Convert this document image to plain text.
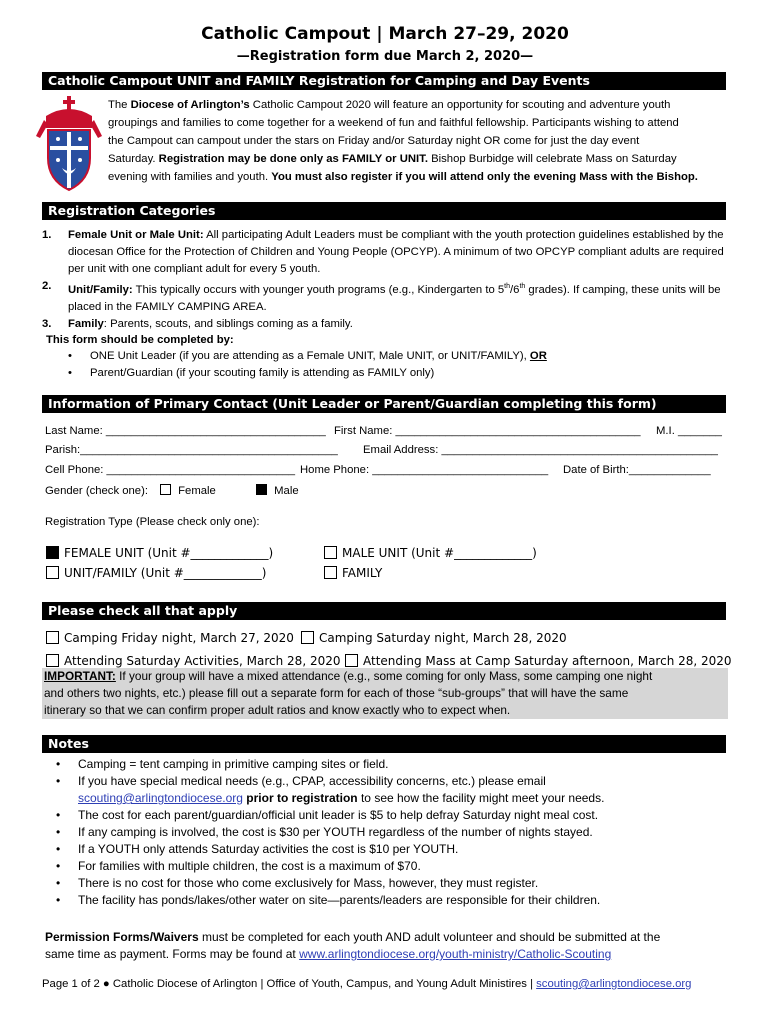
Catholic Campout | March 27–29, 2020
—Registration form due March 2, 2020—
Catholic Campout UNIT and FAMILY Registration for Camping and Day Events
The Diocese of Arlington’s Catholic Campout 2020 will feature an opportunity for scouting and adventure youth
groupings and families to come together for a weekend of fun and faithful fellowship. Participants wishing to attend
the Campout can campout under the stars on Friday and/or Saturday night OR come for just the day event
Saturday. Registration may be done only as FAMILY or UNIT. Bishop Burbidge will celebrate Mass on Saturday
evening with families and youth. You must also register if you will attend only the evening Mass with the Bishop.
Registration Categories
1. Female Unit or Male Unit: All participating Adult Leaders must be compliant with the youth protection guidelines established by the diocesan Office for the Protection of Children and Young People (OPCYP). A minimum of two OPCYP compliant adults are required per unit with one compliant adult for every 5 youth.
2. Unit/Family: This typically occurs with younger youth programs (e.g., Kindergarten to 5th/6th grades). If camping, these units will be placed in the FAMILY CAMPING AREA.
3. Family: Parents, scouts, and siblings coming as a family.
This form should be completed by:
• ONE Unit Leader (if you are attending as a Female UNIT, Male UNIT, or UNIT/FAMILY), OR
• Parent/Guardian (if your scouting family is attending as FAMILY only)
Information of Primary Contact (Unit Leader or Parent/Guardian completing this form)
Last Name: ___________________________________ First Name: _______________________________________ M.I. _______
Parish:_________________________________________ Email Address: ____________________________________________
Cell Phone: ______________________________ Home Phone: ____________________________ Date of Birth:_____________
Gender (check one):	Female	Male
Registration Type (Please check only one):
FEMALE UNIT (Unit #_____________)	MALE UNIT (Unit #_____________)
UNIT/FAMILY (Unit #_____________)	FAMILY
Please check all that apply
Camping Friday night, March 27, 2020	Camping Saturday night, March 28, 2020
Attending Saturday Activities, March 28, 2020	Attending Mass at Camp Saturday afternoon, March 28, 2020
IMPORTANT: If your group will have a mixed attendance (e.g., some coming for only Mass, some camping one night
and others two nights, etc.) please fill out a separate form for each of those “sub-groups” that will have the same
itinerary so that we can confirm proper adult ratios and know exactly who to expect when.
Notes
• Camping = tent camping in primitive camping sites or field.
• If you have special medical needs (e.g., CPAP, accessibility concerns, etc.) please email
scouting@arlingtondiocese.org prior to registration to see how the facility might meet your needs.
• The cost for each parent/guardian/official unit leader is $5 to help defray Saturday night meal cost.
• If any camping is involved, the cost is $30 per YOUTH regardless of the number of nights stayed.
• If a YOUTH only attends Saturday activities the cost is $10 per YOUTH.
• For families with multiple children, the cost is a maximum of $70.
• There is no cost for those who come exclusively for Mass, however, they must register.
• The facility has ponds/lakes/other water on site—parents/leaders are responsible for their children.
Permission Forms/Waivers must be completed for each youth AND adult volunteer and should be submitted at the
same time as payment. Forms may be found at www.arlingtondiocese.org/youth-ministry/Catholic-Scouting
Page 1 of 2 ● Catholic Diocese of Arlington | Office of Youth, Campus, and Young Adult Ministires | scouting@arlingtondiocese.org
